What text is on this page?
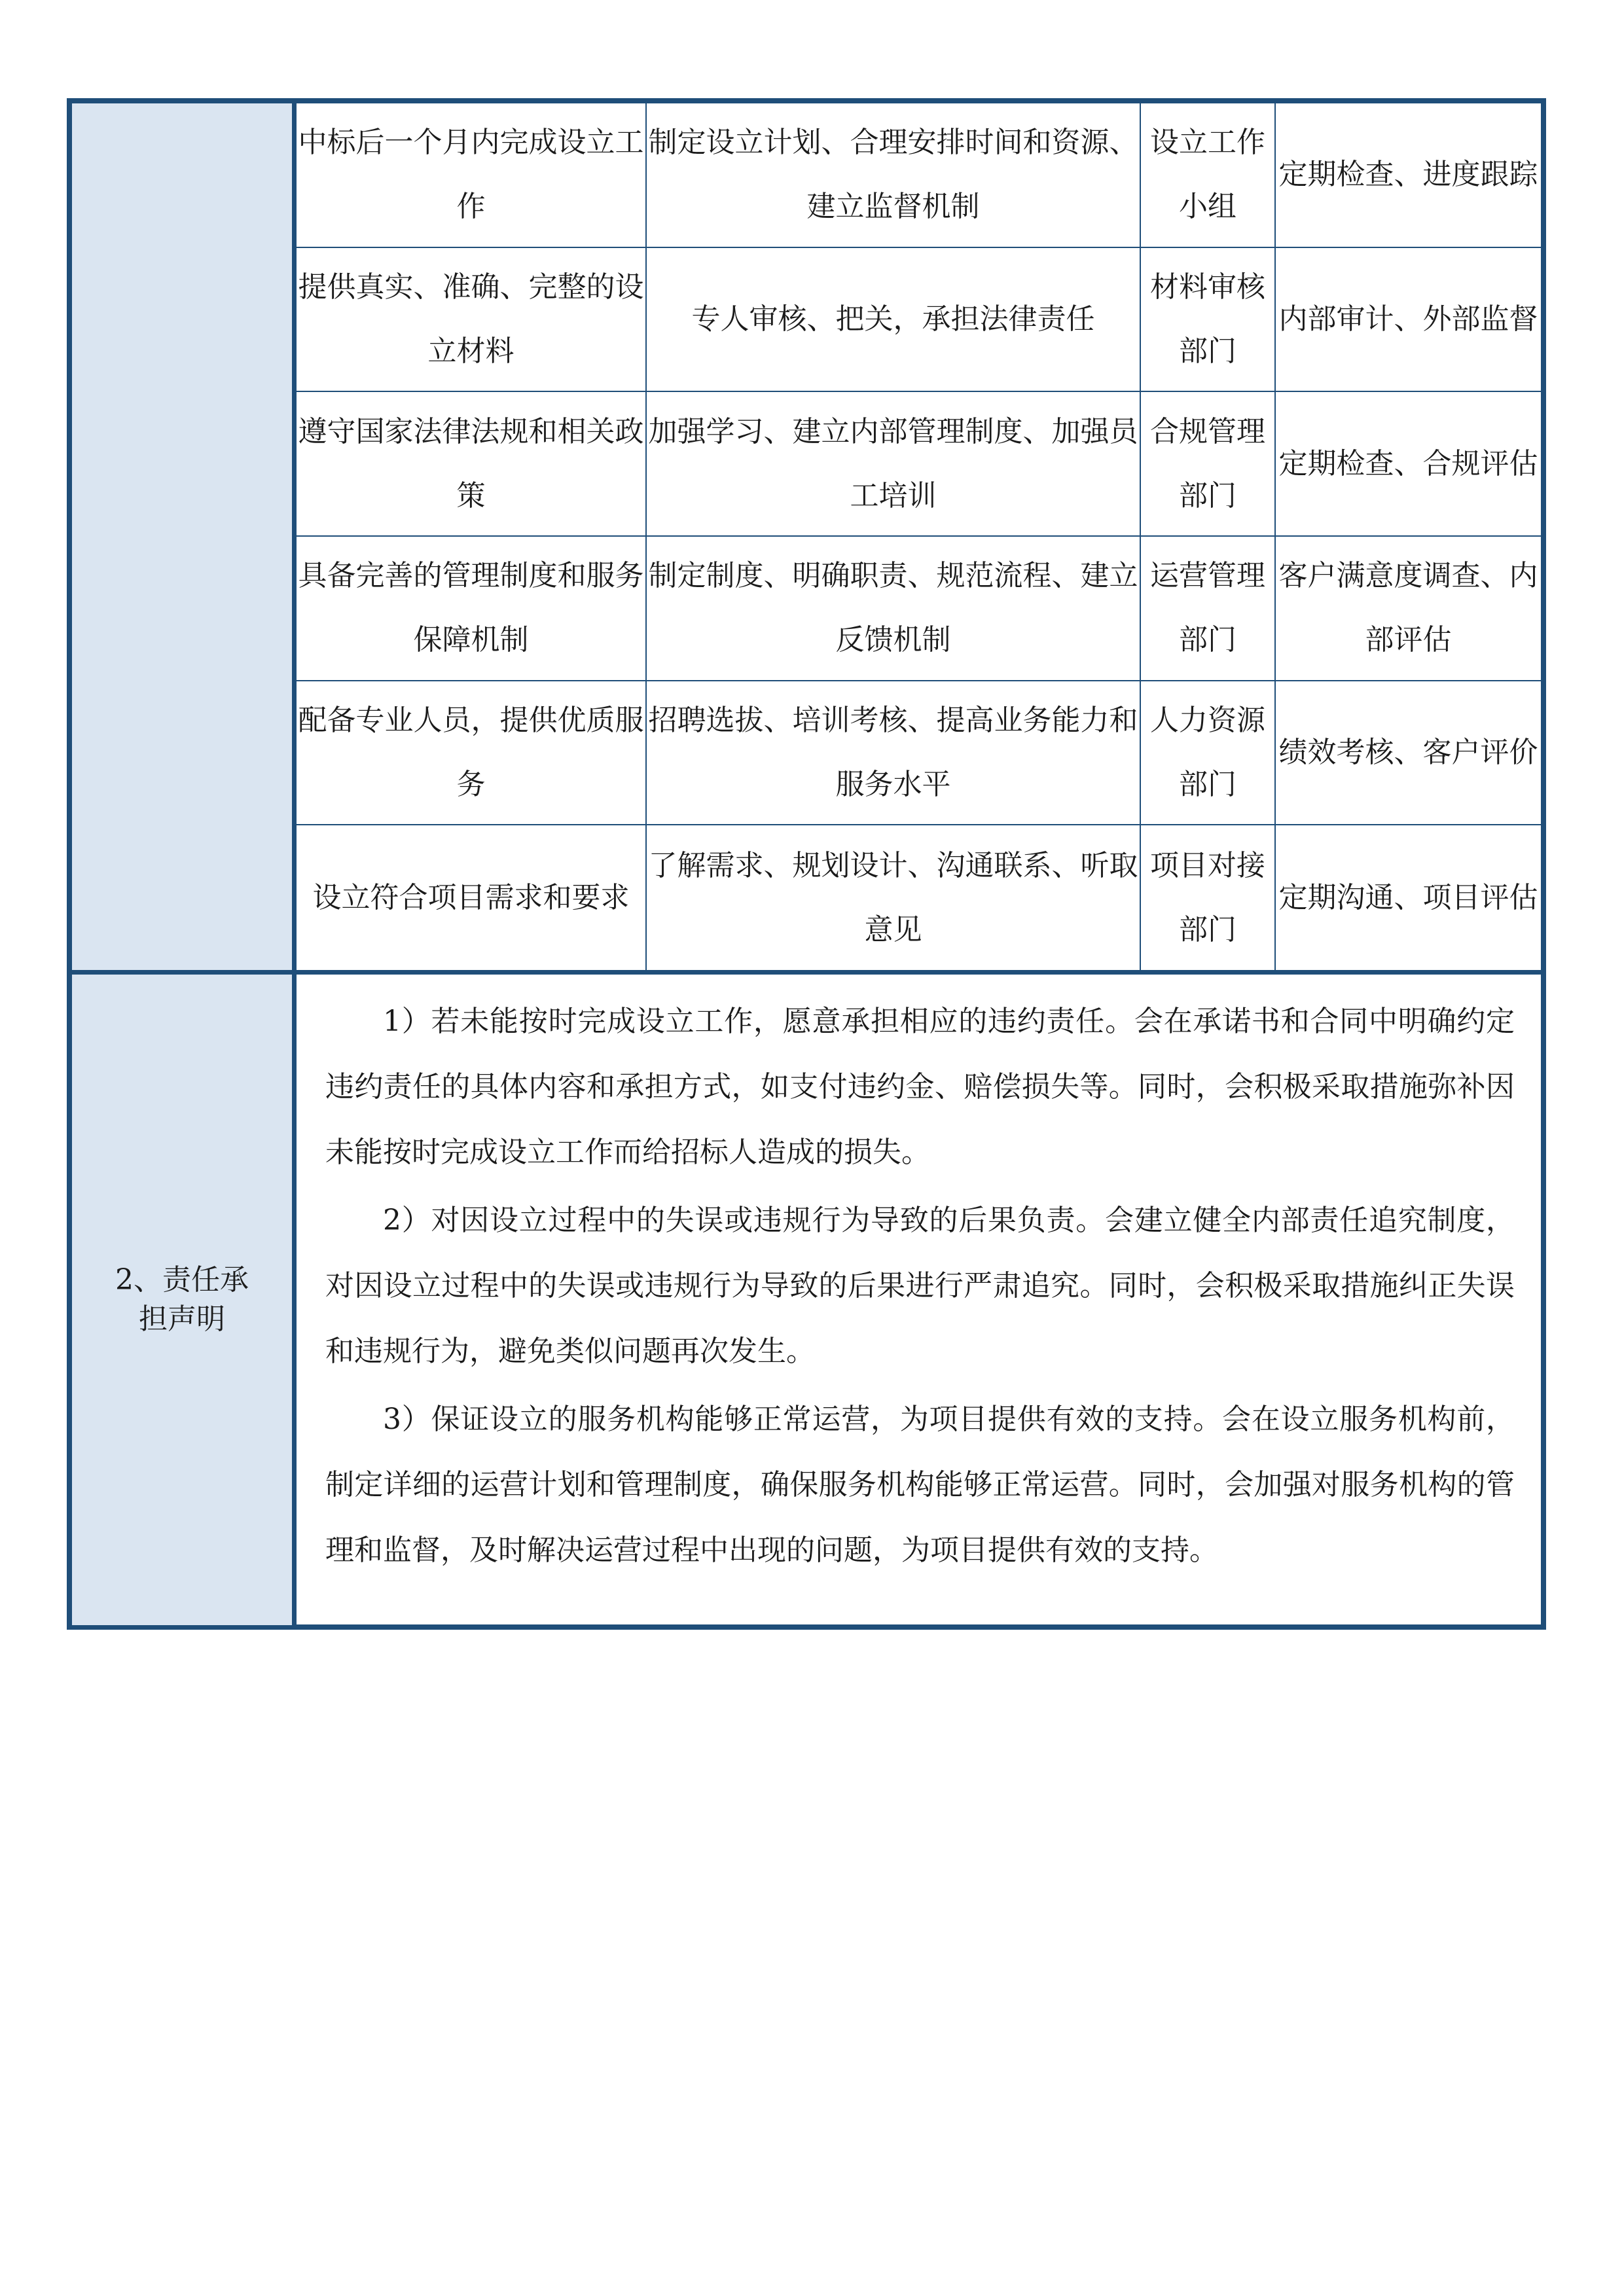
2、责任承担声明
中标后一个月内完成设立工作
制定设立计划、合理安排时间和资源、建立监督机制
设立工作小组
定期检查、进度跟踪
提供真实、准确、完整的设立材料
专人审核、把关，承担法律责任
材料审核部门
内部审计、外部监督
遵守国家法律法规和相关政策
加强学习、建立内部管理制度、加强员工培训
合规管理部门
定期检查、合规评估
具备完善的管理制度和服务保障机制
制定制度、明确职责、规范流程、建立反馈机制
运营管理部门
客户满意度调查、内部评估
配备专业人员，提供优质服务
招聘选拔、培训考核、提高业务能力和服务水平
人力资源部门
绩效考核、客户评价
设立符合项目需求和要求
了解需求、规划设计、沟通联系、听取意见
项目对接部门
定期沟通、项目评估

1）若未能按时完成设立工作，愿意承担相应的违约责任。会在承诺书和合同中明确约定违约责任的具体内容和承担方式，如支付违约金、赔偿损失等。同时，会积极采取措施弥补因未能按时完成设立工作而给招标人造成的损失。

2）对因设立过程中的失误或违规行为导致的后果负责。会建立健全内部责任追究制度，对因设立过程中的失误或违规行为导致的后果进行严肃追究。同时，会积极采取措施纠正失误和违规行为，避免类似问题再次发生。

3）保证设立的服务机构能够正常运营，为项目提供有效的支持。会在设立服务机构前，制定详细的运营计划和管理制度，确保服务机构能够正常运营。同时，会加强对服务机构的管理和监督，及时解决运营过程中出现的问题，为项目提供有效的支持。
